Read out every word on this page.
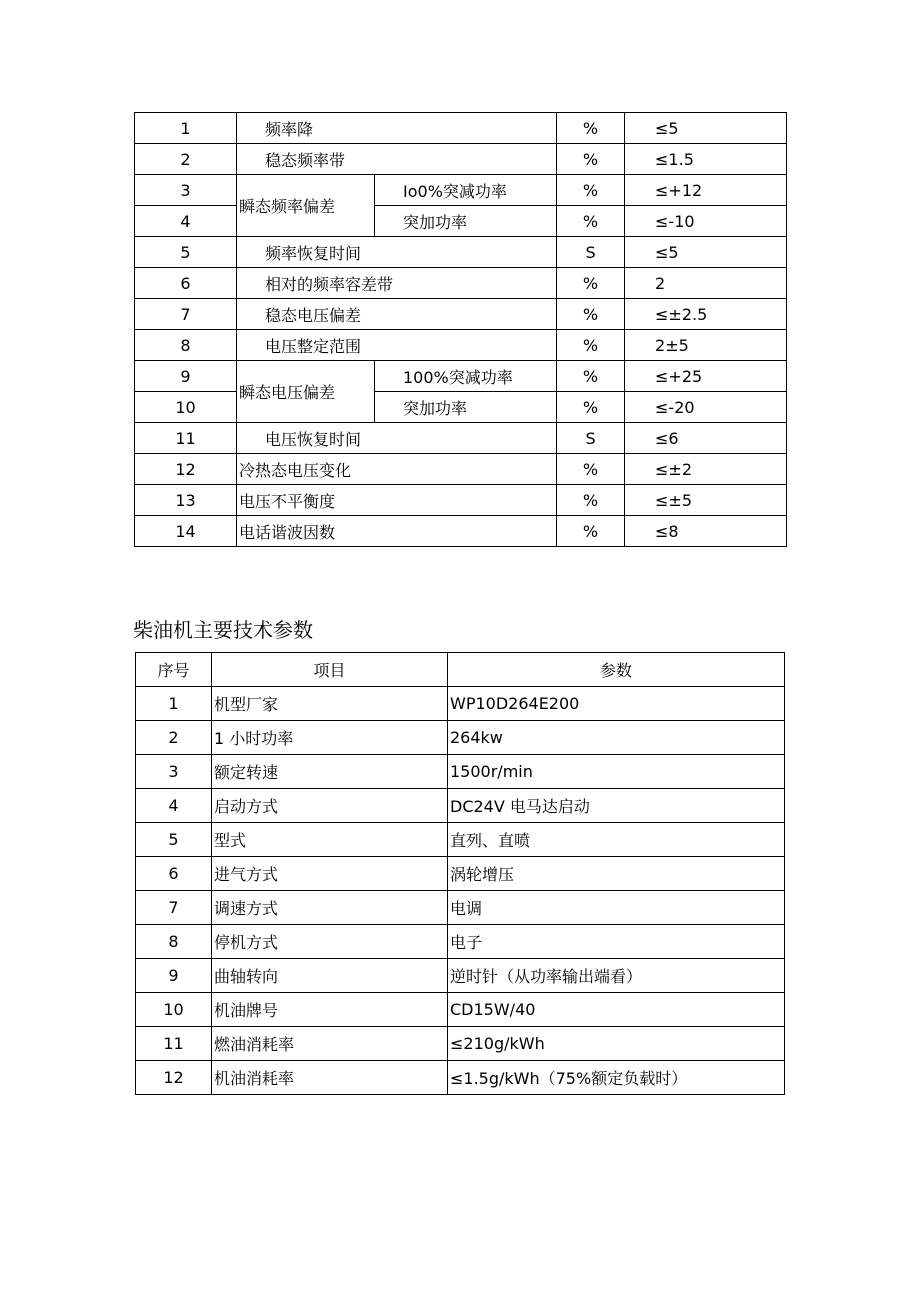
1	频率降		%	≤5
2	稳态频率带		%	≤1.5
3	瞬态频率偏差	Io0%突减功率	%	≤+12
4		突加功率	%	≤-10
5	频率恢复时间		S	≤5
6	相对的频率容差带		%	2
7	稳态电压偏差		%	≤±2.5
8	电压整定范围		%	2±5
9	瞬态电压偏差	100%突减功率	%	≤+25
10		突加功率	%	≤-20
11	电压恢复时间		S	≤6
12	冷热态电压变化		%	≤±2
13	电压不平衡度		%	≤±5
14	电话谐波因数		%	≤8
柴油机主要技术参数
序号	项目	参数
1	机型厂家	WP10D264E200
2	1 小时功率	264kw
3	额定转速	1500r/min
4	启动方式	DC24V 电马达启动
5	型式	直列、直喷
6	进气方式	涡轮增压
7	调速方式	电调
8	停机方式	电子
9	曲轴转向	逆时针（从功率输出端看）
10	机油牌号	CD15W/40
11	燃油消耗率	≤210g/kWh
12	机油消耗率	≤1.5g/kWh（75%额定负载时）
